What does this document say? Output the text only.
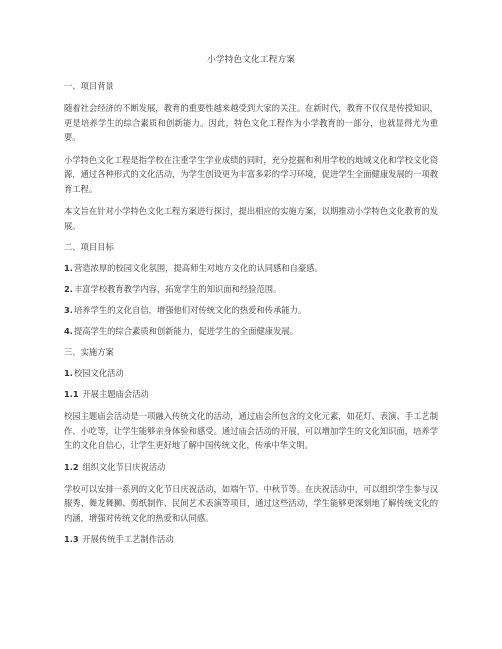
小学特色文化工程方案
一、项目背景
随着社会经济的不断发展，教育的重要性越来越受到大家的关注。在新时代，教育不仅仅是传授知识，更是培养学生的综合素质和创新能力。因此，特色文化工程作为小学教育的一部分，也就显得尤为重要。
小学特色文化工程是指学校在注重学生学业成绩的同时，充分挖掘和利用学校的地域文化和学校文化资源，通过各种形式的文化活动，为学生创设更为丰富多彩的学习环境，促进学生全面健康发展的一项教育工程。
本文旨在针对小学特色文化工程方案进行探讨，提出相应的实施方案，以期推动小学特色文化教育的发展。
二、项目目标
1.营造浓厚的校园文化氛围，提高师生对地方文化的认同感和自豪感。
2.丰富学校教育教学内容，拓宽学生的知识面和经验范围。
3.培养学生的文化自信，增强他们对传统文化的热爱和传承能力。
4.提高学生的综合素质和创新能力，促进学生的全面健康发展。
三、实施方案
1.校园文化活动
1.1 开展主题庙会活动
校园主题庙会活动是一项融入传统文化的活动，通过庙会所包含的文化元素，如花灯、表演、手工艺制作、小吃等，让学生能够亲身体验和感受。通过庙会活动的开展，可以增加学生的文化知识面，培养学生的文化自信心，让学生更好地了解中国传统文化，传承中华文明。
1.2 组织文化节日庆祝活动
学校可以安排一系列的文化节日庆祝活动，如端午节、中秋节等。在庆祝活动中，可以组织学生参与汉服秀、舞龙舞狮、剪纸制作、民间艺术表演等项目，通过这些活动，学生能够更深刻地了解传统文化的内涵，增强对传统文化的热爱和认同感。
1.3 开展传统手工艺制作活动
